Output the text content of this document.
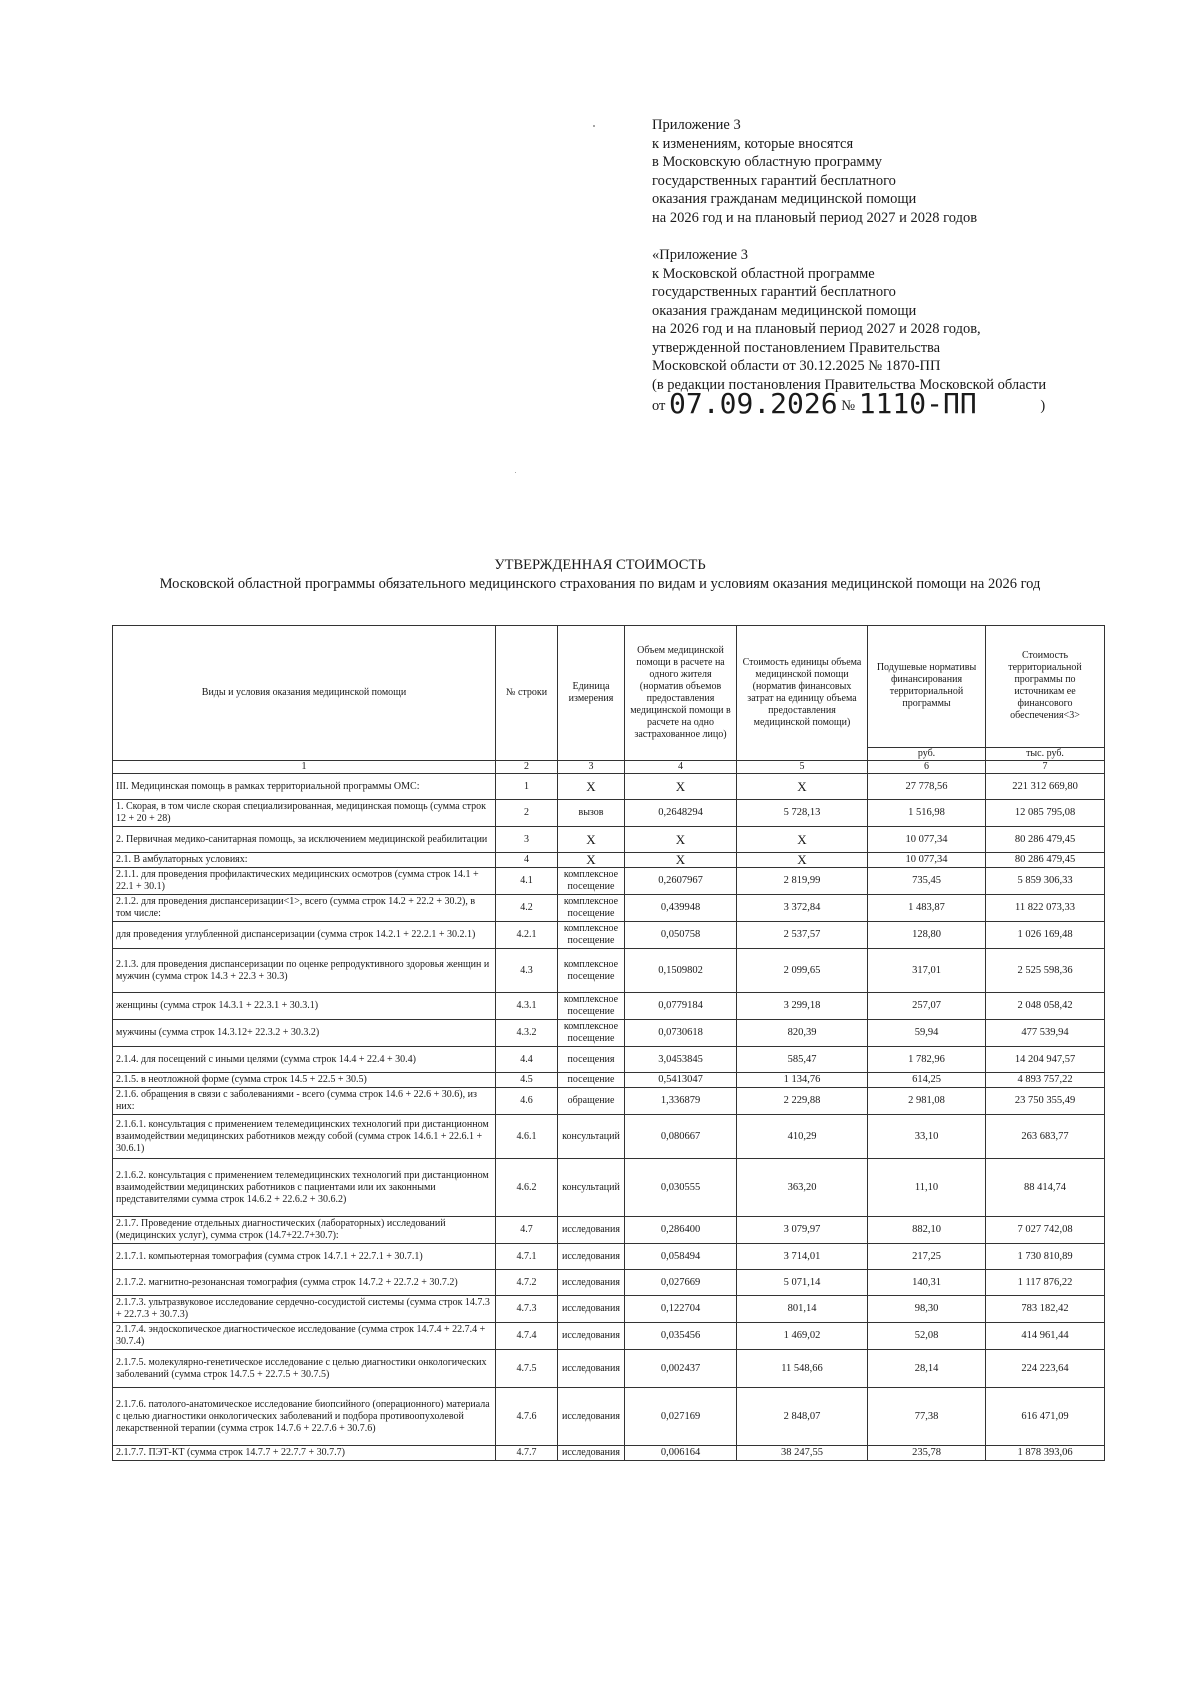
Приложение 3
к изменениям, которые вносятся
в Московскую областную программу
государственных гарантий бесплатного
оказания гражданам медицинской помощи
на 2026 год и на плановый период 2027 и 2028 годов
«Приложение 3
к Московской областной программе
государственных гарантий бесплатного
оказания гражданам медицинской помощи
на 2026 год и на плановый период 2027 и 2028 годов,
утвержденной постановлением Правительства
Московской области от 30.12.2025 № 1870-ПП
(в редакции постановления Правительства Московской области
от 07.09.2026 № 1110-ПП	)
УТВЕРЖДЕННАЯ СТОИМОСТЬ
Московской областной программы обязательного медицинского страхования по видам и условиям оказания медицинской помощи на 2026 год
Виды и условия оказания медицинской помощи	№ строки	Единица измерения	Объем медицинской помощи в расчете на одного жителя (норматив объемов предоставления медицинской помощи в расчете на одно застрахованное лицо)	Стоимость единицы объема медицинской помощи (норматив финансовых затрат на единицу объема предоставления медицинской помощи)	Подушевые нормативы финансирования территориальной программы	Стоимость территориальной программы по источникам ее финансового обеспечения<3>
					руб.	тыс. руб.
1	2	3	4	5	6	7
III. Медицинская помощь в рамках территориальной программы ОМС:	1	X	X	X	27 778,56	221 312 669,80
1. Скорая, в том числе скорая специализированная, медицинская помощь (сумма строк 12 + 20 + 28)	2	вызов	0,2648294	5 728,13	1 516,98	12 085 795,08
2. Первичная медико-санитарная помощь, за исключением медицинской реабилитации	3	X	X	X	10 077,34	80 286 479,45
2.1. В амбулаторных условиях:	4	X	X	X	10 077,34	80 286 479,45
2.1.1. для проведения профилактических медицинских осмотров (сумма строк 14.1 + 22.1 + 30.1)	4.1	комплексное посещение	0,2607967	2 819,99	735,45	5 859 306,33
2.1.2. для проведения диспансеризации<1>, всего (сумма строк 14.2 + 22.2 + 30.2), в том числе:	4.2	комплексное посещение	0,439948	3 372,84	1 483,87	11 822 073,33
для проведения углубленной диспансеризации (сумма строк 14.2.1 + 22.2.1 + 30.2.1)	4.2.1	комплексное посещение	0,050758	2 537,57	128,80	1 026 169,48
2.1.3. для проведения диспансеризации по оценке репродуктивного здоровья женщин и мужчин (сумма строк 14.3 + 22.3 + 30.3)	4.3	комплексное посещение	0,1509802	2 099,65	317,01	2 525 598,36
женщины (сумма строк 14.3.1 + 22.3.1 + 30.3.1)	4.3.1	комплексное посещение	0,0779184	3 299,18	257,07	2 048 058,42
мужчины (сумма строк 14.3.12+ 22.3.2 + 30.3.2)	4.3.2	комплексное посещение	0,0730618	820,39	59,94	477 539,94
2.1.4. для посещений с иными целями (сумма строк 14.4 + 22.4 + 30.4)	4.4	посещения	3,0453845	585,47	1 782,96	14 204 947,57
2.1.5. в неотложной форме (сумма строк 14.5 + 22.5 + 30.5)	4.5	посещение	0,5413047	1 134,76	614,25	4 893 757,22
2.1.6. обращения в связи с заболеваниями - всего (сумма строк 14.6 + 22.6 + 30.6), из них:	4.6	обращение	1,336879	2 229,88	2 981,08	23 750 355,49
2.1.6.1. консультация с применением телемедицинских технологий при дистанционном взаимодействии медицинских работников между собой (сумма строк 14.6.1 + 22.6.1 + 30.6.1)	4.6.1	консультаций	0,080667	410,29	33,10	263 683,77
2.1.6.2. консультация с применением телемедицинских технологий при дистанционном взаимодействии медицинских работников с пациентами или их законными представителями сумма строк 14.6.2 + 22.6.2 + 30.6.2)	4.6.2	консультаций	0,030555	363,20	11,10	88 414,74
2.1.7. Проведение отдельных диагностических (лабораторных) исследований (медицинских услуг), сумма строк (14.7+22.7+30.7):	4.7	исследования	0,286400	3 079,97	882,10	7 027 742,08
2.1.7.1. компьютерная томография (сумма строк 14.7.1 + 22.7.1 + 30.7.1)	4.7.1	исследования	0,058494	3 714,01	217,25	1 730 810,89
2.1.7.2. магнитно-резонансная томография (сумма строк 14.7.2 + 22.7.2 + 30.7.2)	4.7.2	исследования	0,027669	5 071,14	140,31	1 117 876,22
2.1.7.3. ультразвуковое исследование сердечно-сосудистой системы (сумма строк 14.7.3 + 22.7.3 + 30.7.3)	4.7.3	исследования	0,122704	801,14	98,30	783 182,42
2.1.7.4. эндоскопическое диагностическое исследование (сумма строк 14.7.4 + 22.7.4 + 30.7.4)	4.7.4	исследования	0,035456	1 469,02	52,08	414 961,44
2.1.7.5. молекулярно-генетическое исследование с целью диагностики онкологических заболеваний (сумма строк 14.7.5 + 22.7.5 + 30.7.5)	4.7.5	исследования	0,002437	11 548,66	28,14	224 223,64
2.1.7.6. патолого-анатомическое исследование биопсийного (операционного) материала с целью диагностики онкологических заболеваний и подбора противоопухолевой лекарственной терапии (сумма строк 14.7.6 + 22.7.6 + 30.7.6)	4.7.6	исследования	0,027169	2 848,07	77,38	616 471,09
2.1.7.7. ПЭТ-КТ (сумма строк 14.7.7 + 22.7.7 + 30.7.7)	4.7.7	исследования	0,006164	38 247,55	235,78	1 878 393,06
